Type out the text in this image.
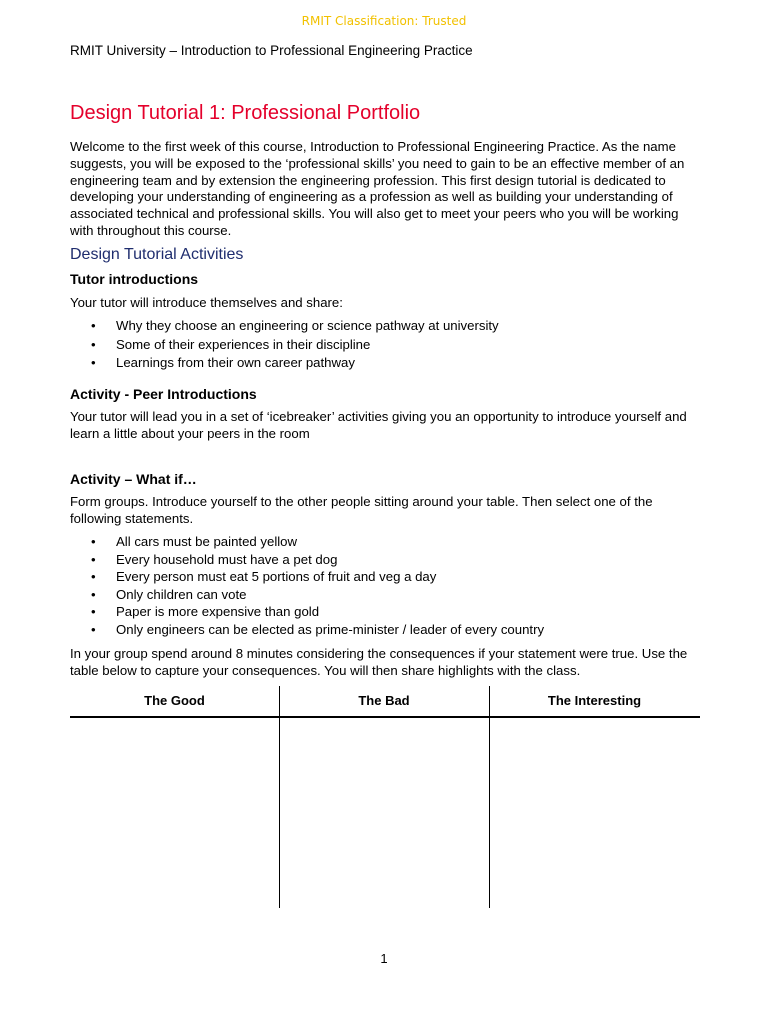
RMIT Classification: Trusted
RMIT University – Introduction to Professional Engineering Practice
Design Tutorial 1: Professional Portfolio

Welcome to the first week of this course, Introduction to Professional Engineering Practice. As the name suggests, you will be exposed to the ‘professional skills’ you need to gain to be an effective member of an engineering team and by extension the engineering profession. This first design tutorial is dedicated to developing your understanding of engineering as a profession as well as building your understanding of associated technical and professional skills. You will also get to meet your peers who you will be working with throughout this course.

Design Tutorial Activities
Tutor introductions

Your tutor will introduce themselves and share:

• Why they choose an engineering or science pathway at university
• Some of their experiences in their discipline
• Learnings from their own career pathway
Activity - Peer Introductions

Your tutor will lead you in a set of ‘icebreaker’ activities giving you an opportunity to introduce yourself and learn a little about your peers in the room

Activity – What if…

Form groups. Introduce yourself to the other people sitting around your table. Then select one of the following statements.

• All cars must be painted yellow
• Every household must have a pet dog
• Every person must eat 5 portions of fruit and veg a day
• Only children can vote
• Paper is more expensive than gold
• Only engineers can be elected as prime-minister / leader of every country

In your group spend around 8 minutes considering the consequences if your statement were true. Use the table below to capture your consequences. You will then share highlights with the class.

The Good	The Bad	The Interesting
1
